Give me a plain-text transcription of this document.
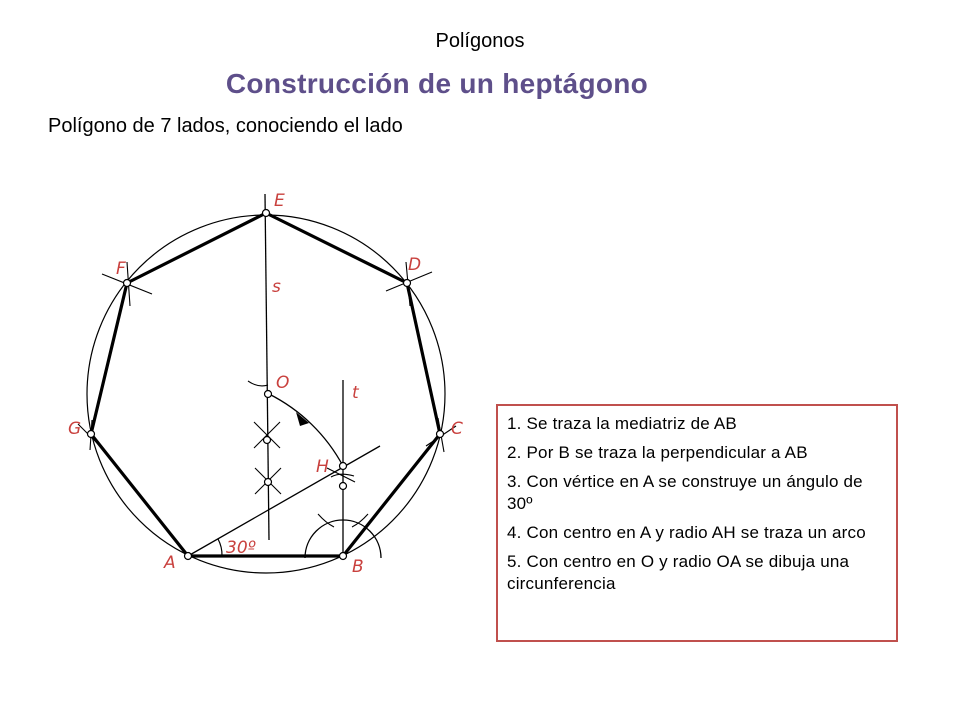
Polígonos
Construcción de un heptágono
Polígono de 7 lados, conociendo el lado
A	B
C
D
E
F
G
O
H
s
t
30º
1. Se traza la mediatriz de AB
2. Por B se traza la perpendicular a AB
3. Con vértice en A se construye un ángulo de 30º
4. Con centro en A y radio AH se traza un arco
5. Con centro en O y radio OA se dibuja una circunferencia
